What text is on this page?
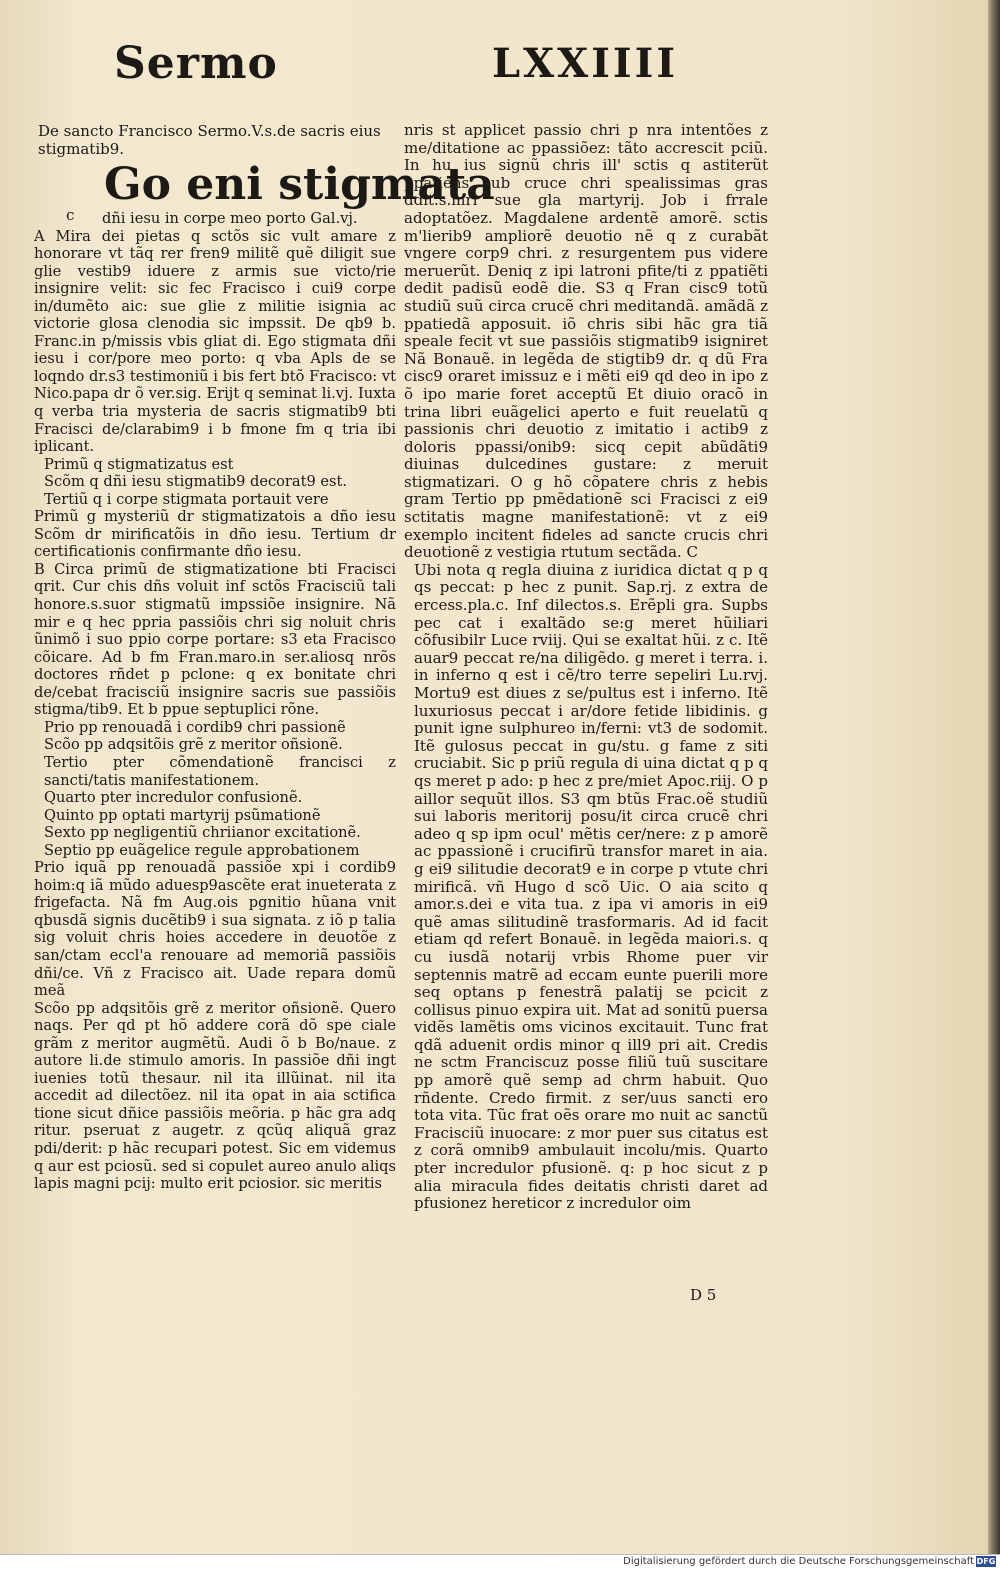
Sermo	LXXIIII
De sancto Francisco Sermo.V.s.de sacris eius stigmatib9.
Go eni stigmata
c	dñi iesu in corpe meo porto Gal.vj.

A Mira dei pietas q sctõs sic vult amare z honorare vt tãq rer fren9 militẽ quẽ diligit sue glie vestib9 iduere z armis sue victo/rie insignire velit: sic fec Fracisco i cui9 corpe in/dumẽto aic: sue glie z militie isignia ac victorie glosa clenodia sic impssit. De qb9 b. Franc.in p/missis vbis gliat di. Ego stigmata dñi iesu i cor/pore meo porto: q vba Apls de se loqndo dr.s3 testimoniũ i bis fert btõ Fracisco: vt Nico.papa dr õ ver.sig. Erijt q seminat li.vj. Iuxta q verba tria mysteria de sacris stigmatib9 bti Fracisci de/clarabim9 i b fmone fm q tria ibi iplicant.

Primũ q stigmatizatus est

Scõm q dñi iesu stigmatib9 decorat9 est.

Tertiũ q i corpe stigmata portauit vere

Primũ g mysteriũ dr stigmatizatois a dño iesu Scõm dr mirificatõis in dño iesu. Tertium dr certificationis confirmante dño iesu.

B Circa primũ de stigmatizatione bti Fracisci qrit. Cur chis dñs voluit inf sctõs Fracisciũ tali honore.s.suor stigmatũ impssiõe insignire. Nã mir e q hec ppria passiõis chri sig noluit chris ũnimõ i suo ppio corpe portare: s3 eta Fracisco cõicare. Ad b fm Fran.maro.in ser.aliosq nrõs doctores rñdet p pclone: q ex bonitate chri de/cebat fracisciũ insignire sacris sue passiõis stigma/tib9. Et b ppue septuplici rõne.

Prio pp renouadã i cordib9 chri passionẽ

Scõo pp adqsitõis grẽ z meritor oñsionẽ.

Tertio pter cõmendationẽ francisci z sancti/tatis manifestationem.

Quarto pter incredulor confusionẽ.

Quinto pp optati martyrij psũmationẽ

Sexto pp negligentiũ chriianor excitationẽ.

Septio pp euãgelice regule approbationem

Prio iquã pp renouadã passiõe xpi i cordib9 hoim:q iã mũdo aduesp9ascẽte erat inueterata z frigefacta. Nã fm Aug.ois pgnitio hũana vnit qbusdã signis ducẽtib9 i sua signata. z iõ p talia sig voluit chris hoies accedere in deuotõe z san/ctam eccl'a renouare ad memoriã passiõis dñi/ce. Vñ z Fracisco ait. Uade repara domũ meã

Scõo pp adqsitõis grẽ z meritor oñsionẽ. Quero naqs. Per qd pt hõ addere corã dõ spe ciale grãm z meritor augmẽtũ. Audi õ b Bo/naue. z autore li.de stimulo amoris. In passiõe dñi ingt iuenies totũ thesaur. nil ita illũinat. nil ita accedit ad dilectõez. nil ita opat in aia sctifica tione sicut dñice passiõis meõria. p hãc gra adq ritur. pseruat z augetr. z qcũq aliquã graz pdi/derit: p hãc recupari potest. Sic em videmus q aur est pciosũ. sed si copulet aureo anulo aliqs lapis magni pcij: multo erit pciosior. sic meritis

nris st applicet passio chri p nra intentões z me/ditatione ac ppassiõez: tãto accrescit pciũ. In hu ius signũ chris ill' sctis q astiterũt ppatiens sub cruce chri spealissimas gras ddit.s.mri sue gla martyrij. Job i frrale adoptatõez. Magdalene ardentẽ amorẽ. sctis m'lierib9 ampliorẽ deuotio nẽ q z curabãt vngere corp9 chri. z resurgentem pus videre meruerũt. Deniq z ipi latroni pfite/ti z ppatiẽti dedit padisũ eodẽ die. S3 q Fran cisc9 totũ studiũ suũ circa crucẽ chri meditandã. amãdã z ppatiedã apposuit. iõ chris sibi hãc gra tiã speale fecit vt sue passiõis stigmatib9 isigniret Nã Bonauẽ. in legẽda de stigtib9 dr. q dũ Fra cisc9 oraret imissuz e i mẽti ei9 qd deo in ipo z õ ipo marie foret acceptũ Et diuio oracõ in trina libri euãgelici aperto e fuit reuelatũ q passionis chri deuotio z imitatio i actib9 z doloris ppassi/onib9: sicq cepit abũdãti9 diuinas dulcedines gustare: z meruit stigmatizari. O g hõ cõpatere chris z hebis gram Tertio pp pmẽdationẽ sci Fracisci z ei9 sctitatis magne manifestationẽ: vt z ei9 exemplo incitent fideles ad sancte crucis chri deuotionẽ z vestigia rtutum sectãda. C

Ubi nota q regla diuina z iuridica dictat q p q qs peccat: p hec z punit. Sap.rj. z extra de ercess.pla.c. Inf dilectos.s. Erẽpli gra. Supbs pec cat i exaltãdo se:g meret hũiliari cõfusibilr Luce rviij. Qui se exaltat hũi. z c. Itẽ auar9 peccat re/na diligẽdo. g meret i terra. i. in inferno q est i cẽ/tro terre sepeliri Lu.rvj. Mortu9 est diues z se/pultus est i inferno. Itẽ luxuriosus peccat i ar/dore fetide libidinis. g punit igne sulphureo in/ferni: vt3 de sodomit. Itẽ gulosus peccat in gu/stu. g fame z siti cruciabit. Sic p priũ regula di uina dictat q p q qs meret p ado: p hec z pre/miet Apoc.riij. O p aillor sequũt illos. S3 qm btũs Frac.oẽ studiũ sui laboris meritorij posu/it circa crucẽ chri adeo q sp ipm ocul' mẽtis cer/nere: z p amorẽ ac ppassionẽ i crucifirũ transfor maret in aia. g ei9 silitudie decorat9 e in corpe p vtute chri mirificã. vñ Hugo d scõ Uic. O aia scito q amor.s.dei e vita tua. z ipa vi amoris in ei9 quẽ amas silitudinẽ trasformaris. Ad id facit etiam qd refert Bonauẽ. in legẽda maiori.s. q cu iusdã notarij vrbis Rhome puer vir septennis matrẽ ad eccam eunte puerili more seq optans p fenestrã palatij se pcicit z collisus pinuo expira uit. Mat ad sonitũ puersa vidẽs lamẽtis oms vicinos excitauit. Tunc frat qdã aduenit ordis minor q ill9 pri ait. Credis ne sctm Franciscuz posse filiũ tuũ suscitare pp amorẽ quẽ semp ad chrm habuit. Quo rñdente. Credo firmit. z ser/uus sancti ero tota vita. Tũc frat oẽs orare mo nuit ac sanctũ Fracisciũ inuocare: z mor puer sus citatus est z corã omnib9 ambulauit incolu/mis. Quarto pter incredulor pfusionẽ. q: p hoc sicut z p alia miracula fides deitatis christi daret ad pfusionez hereticor z incredulor oim

D 5
Digitalisierung gefördert durch die Deutsche Forschungsgemeinschaft DFG
